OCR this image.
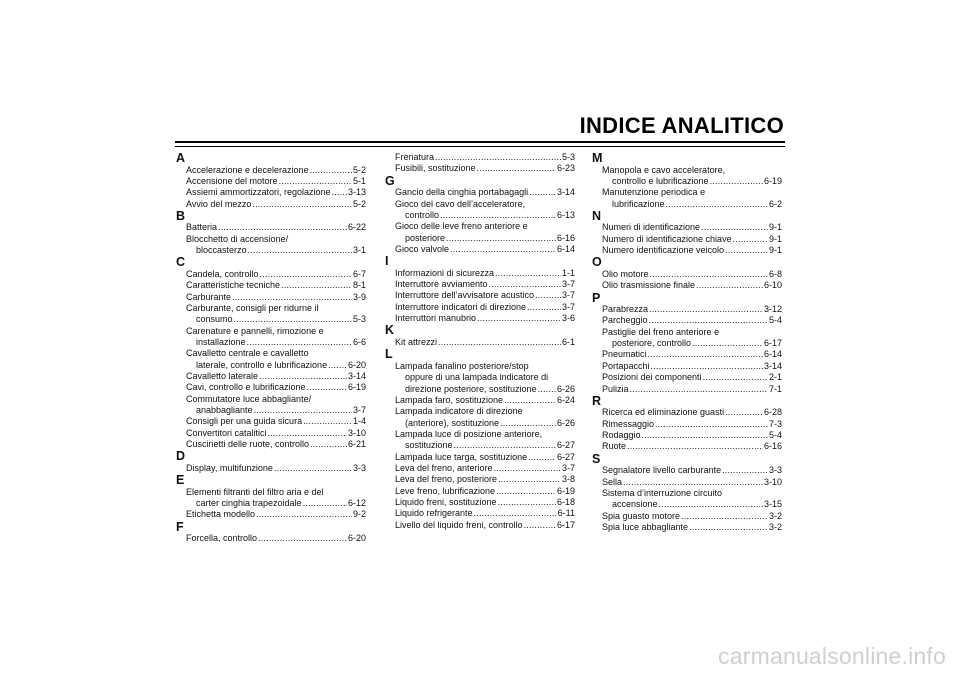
INDICE ANALITICO
A
Accelerazione e decelerazione .....	5-2
Accensione del motore .....	5-1
Assiemi ammortizzatori, regolazione ..... 3-13
Avvio del mezzo .....	5-2
B
Batteria .....	6-22
Blocchetto di accensione/
bloccasterzo .....	3-1
C
Candela, controllo .....	6-7
Caratteristiche tecniche .....	8-1
Carburante .....	3-9
Carburante, consigli per ridurne il
consumo .....	5-3
Carenature e pannelli, rimozione e
installazione .....	6-6
Cavalletto centrale e cavalletto
laterale, controllo e lubrificazione ..... 6-20
Cavalletto laterale .....	3-14
Cavi, controllo e lubrificazione .....	6-19
Commutatore luce abbagliante/
anabbagliante .....	3-7
Consigli per una guida sicura .....	1-4
Convertitori catalitici .....	3-10
Cuscinetti delle ruote, controllo .....	6-21
D
Display, multifunzione .....	3-3
E
Elementi filtranti del filtro aria e del
carter cinghia trapezoidale .....	6-12
Etichetta modello .....	9-2
F
Forcella, controllo .....	6-20
Frenatura .....	5-3
Fusibili, sostituzione .....	6-23
G
Gancio della cinghia portabagagli .....	3-14
Gioco del cavo dell’acceleratore,
controllo .....	6-13
Gioco delle leve freno anteriore e
posteriore .....	6-16
Gioco valvole .....	6-14
I
Informazioni di sicurezza .....	1-1
Interruttore avviamento .....	3-7
Interruttore dell’avvisatore acustico .....	3-7
Interruttore indicatori di direzione .....	3-7
Interruttori manubrio .....	3-6
K
Kit attrezzi .....	6-1
L
Lampada fanalino posteriore/stop
oppure di una lampada indicatore di
direzione posteriore, sostituzione ..... 6-26
Lampada faro, sostituzione .....	6-24
Lampada indicatore di direzione
(anteriore), sostituzione .....	6-26
Lampada luce di posizione anteriore,
sostituzione .....	6-27
Lampada luce targa, sostituzione .....	6-27
Leva del freno, anteriore .....	3-7
Leva del freno, posteriore .....	3-8
Leve freno, lubrificazione .....	6-19
Liquido freni, sostituzione .....	6-18
Liquido refrigerante .....	6-11
Livello del liquido freni, controllo .....	6-17
M
Manopola e cavo acceleratore,
controllo e lubrificazione .....	6-19
Manutenzione periodica e
lubrificazione .....	6-2
N
Numeri di identificazione .....	9-1
Numero di identificazione chiave .....	9-1
Numero identificazione veicolo .....	9-1
O
Olio motore .....	6-8
Olio trasmissione finale .....	6-10
P
Parabrezza .....	3-12
Parcheggio .....	5-4
Pastiglie del freno anteriore e
posteriore, controllo .....	6-17
Pneumatici .....	6-14
Portapacchi .....	3-14
Posizioni dei componenti .....	2-1
Pulizia .....	7-1
R
Ricerca ed eliminazione guasti .....	6-28
Rimessaggio .....	7-3
Rodaggio .....	5-4
Ruote .....	6-16
S
Segnalatore livello carburante .....	3-3
Sella .....	3-10
Sistema d’interruzione circuito
accensione .....	3-15
Spia guasto motore .....	3-2
Spia luce abbagliante .....	3-2
carmanualsonline.info
